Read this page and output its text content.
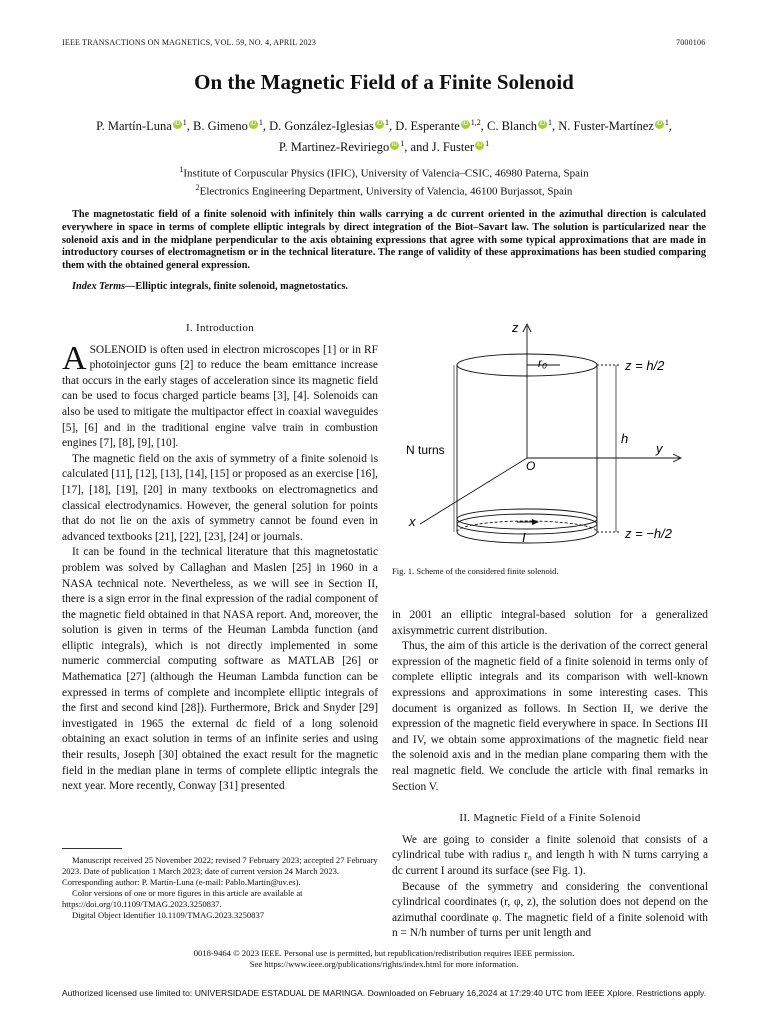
IEEE TRANSACTIONS ON MAGNETICS, VOL. 59, NO. 4, APRIL 2023	7000106
On the Magnetic Field of a Finite Solenoid
P. Martín-Luna iD $^1$, B. Gimeno iD $^1$, D. González-Iglesias iD $^1$, D. Esperante iD $^{1,2}$, C. Blanch iD $^1$, N. Fuster-Martínez iD $^1$,
P. Martinez-Reviriego iD $^1$, and J. Fuster iD $^1$
$^1$Institute of Corpuscular Physics (IFIC), University of Valencia–CSIC, 46980 Paterna, Spain
$^2$Electronics Engineering Department, University of Valencia, 46100 Burjassot, Spain
The magnetostatic field of a finite solenoid with infinitely thin walls carrying a dc current oriented in the azimuthal direction is calculated everywhere in space in terms of complete elliptic integrals by direct integration of the Biot–Savart law. The solution is particularized near the solenoid axis and in the midplane perpendicular to the axis obtaining expressions that agree with some typical approximations that are made in introductory courses of electromagnetism or in the technical literature. The range of validity of these approximations has been studied comparing them with the obtained general expression.
Index Terms—Elliptic integrals, finite solenoid, magnetostatics.
I. Introduction

ASOLENOID is often used in electron microscopes [1] or in RF photoinjector guns [2] to reduce the beam emittance increase that occurs in the early stages of acceleration since its magnetic field can be used to focus charged particle beams [3], [4]. Solenoids can also be used to mitigate the multipactor effect in coaxial waveguides [5], [6] and in the traditional engine valve train in combustion engines [7], [8], [9], [10].

The magnetic field on the axis of symmetry of a finite solenoid is calculated [11], [12], [13], [14], [15] or proposed as an exercise [16], [17], [18], [19], [20] in many textbooks on electromagnetics and classical electrodynamics. However, the general solution for points that do not lie on the axis of symmetry cannot be found even in advanced textbooks [21], [22], [23], [24] or journals.

It can be found in the technical literature that this magnetostatic problem was solved by Callaghan and Maslen [25] in 1960 in a NASA technical note. Nevertheless, as we will see in Section II, there is a sign error in the final expression of the radial component of the magnetic field obtained in that NASA report. And, moreover, the solution is given in terms of the Heuman Lambda function (and elliptic integrals), which is not directly implemented in some numeric commercial computing software as MATLAB [26] or Mathematica [27] (although the Heuman Lambda function can be expressed in terms of complete and incomplete elliptic integrals of the first and second kind [28]). Furthermore, Brick and Snyder [29] investigated in 1965 the external dc field of a long solenoid obtaining an exact solution in terms of an infinite series and using their results, Joseph [30] obtained the exact result for the magnetic field in the median plane in terms of complete elliptic integrals the next year. More recently, Conway [31] presented

Manuscript received 25 November 2022; revised 7 February 2023; accepted 27 February 2023. Date of publication 1 March 2023; date of current version 24 March 2023. Corresponding author: P. Martín-Luna (e-mail: Pablo.Martin@uv.es).

Color versions of one or more figures in this article are available at https://doi.org/10.1109/TMAG.2023.3250837.

Digital Object Identifier 10.1109/TMAG.2023.3250837

z
y
x
O
r₀
h
I
N turns
z = h/2
z = −h/2
Fig. 1. Scheme of the considered finite solenoid.

in 2001 an elliptic integral-based solution for a generalized axisymmetric current distribution.

Thus, the aim of this article is the derivation of the correct general expression of the magnetic field of a finite solenoid in terms only of complete elliptic integrals and its comparison with well-known expressions and approximations in some interesting cases. This document is organized as follows. In Section II, we derive the expression of the magnetic field everywhere in space. In Sections III and IV, we obtain some approximations of the magnetic field near the solenoid axis and in the median plane comparing them with the real magnetic field. We conclude the article with final remarks in Section V.

II. Magnetic Field of a Finite Solenoid

We are going to consider a finite solenoid that consists of a cylindrical tube with radius r₀ and length h with N turns carrying a dc current I around its surface (see Fig. 1).

Because of the symmetry and considering the conventional cylindrical coordinates (r, φ, z), the solution does not depend on the azimuthal coordinate φ. The magnetic field of a finite solenoid with n = N/h number of turns per unit length and

0018-9464 © 2023 IEEE. Personal use is permitted, but republication/redistribution requires IEEE permission.
See https://www.ieee.org/publications/rights/index.html for more information.
Authorized licensed use limited to: UNIVERSIDADE ESTADUAL DE MARINGA. Downloaded on February 16,2024 at 17:29:40 UTC from IEEE Xplore. Restrictions apply.
